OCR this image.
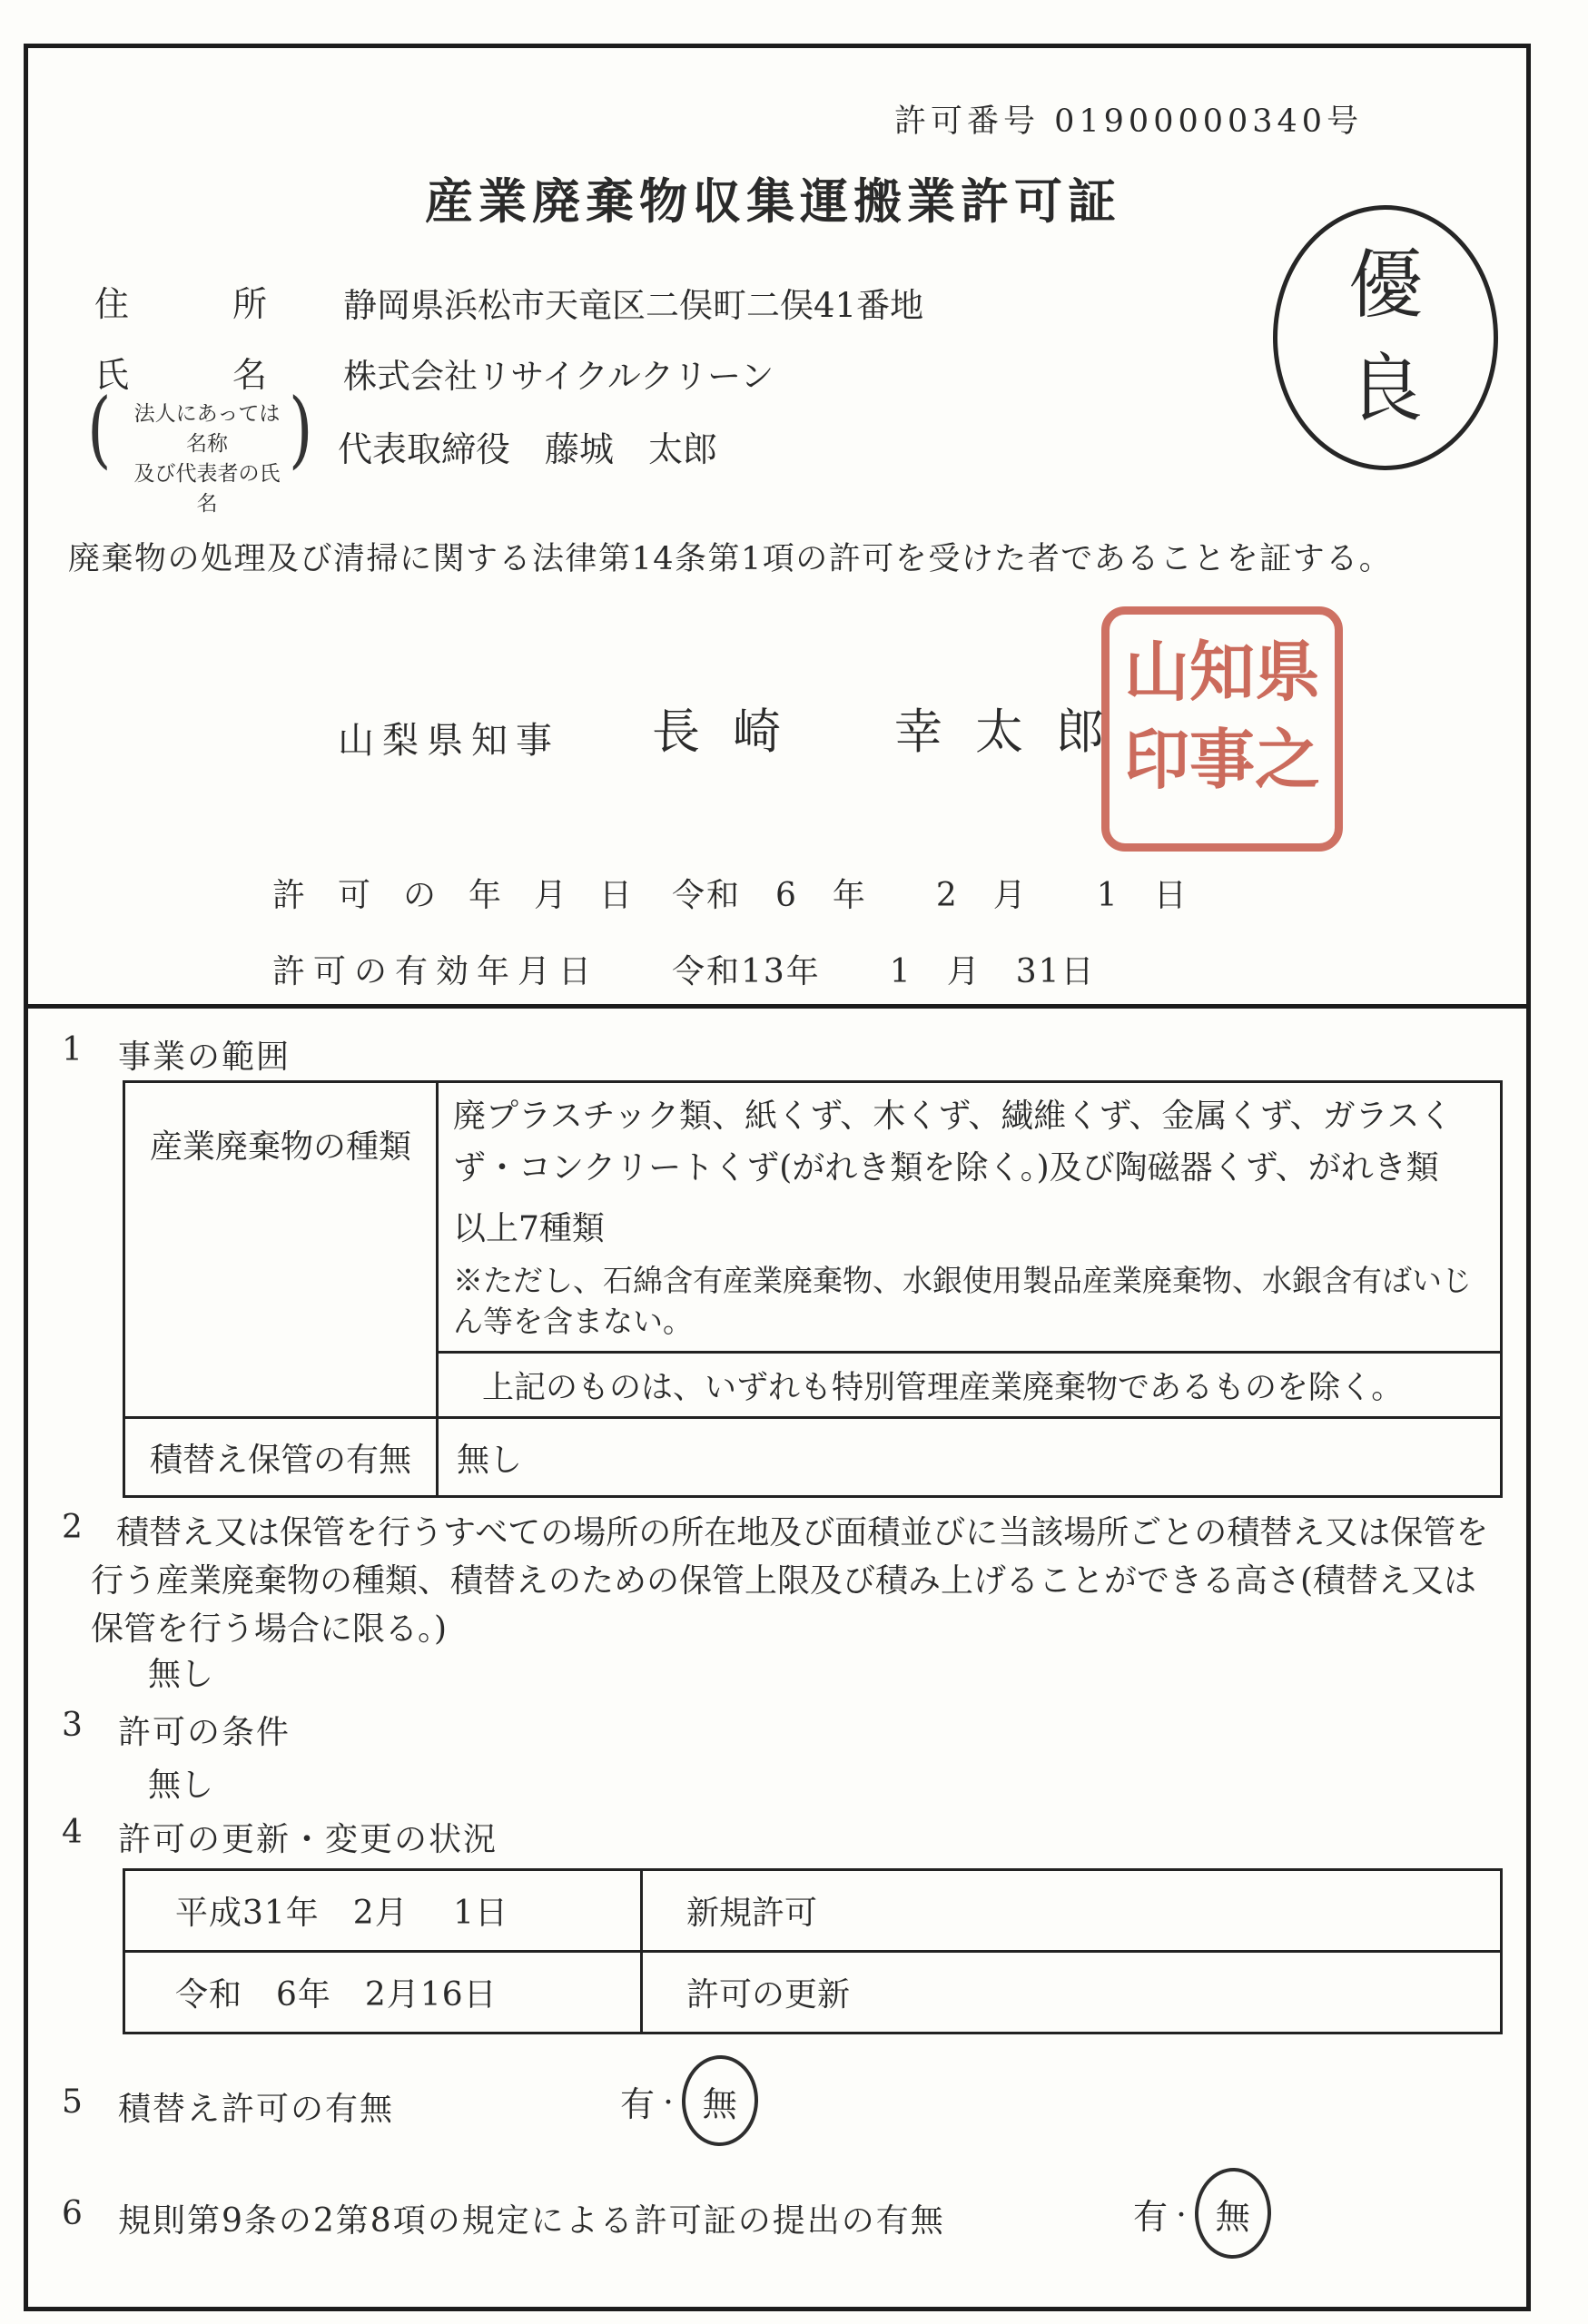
許可番号 01900000340号
産業廃棄物収集運搬業許可証
優
良
住　　　所 静岡県浜松市天竜区二俣町二俣41番地
氏　　　名 株式会社リサイクルクリーン
(	法人にあっては名称
及び代表者の氏名
) 代表取締役　藤城　太郎
廃棄物の処理及び清掃に関する法律第14条第1項の許可を受けた者であることを証する。
山梨県知事 長崎　幸太郎
県之
知事
山印
許　可　の　年　月　日 令和　6　年　　2　月　　1　日
許可の有効年月日 令和13年　　1　月　31日
1 事業の範囲
産業廃棄物の種類	廃プラスチック類、紙くず、木くず、繊維くず、金属くず、ガラスくず・コンクリートくず(がれき類を除く。)及び陶磁器くず、がれき類
以上7種類
※ただし、石綿含有産業廃棄物、水銀使用製品産業廃棄物、水銀含有ばいじん等を含まない。

	上記のものは、いずれも特別管理産業廃棄物であるものを除く。
積替え保管の有無	無し
2	積替え又は保管を行うすべての場所の所在地及び面積並びに当該場所ごとの積替え又は保管を行う産業廃棄物の種類、積替えのための保管上限及び積み上げることができる高さ(積替え又は保管を行う場合に限る。)
無し
3 許可の条件
無し
4 許可の更新・変更の状況
平成31年　2月　 1日	新規許可
令和　6年　2月16日	許可の更新
5 積替え許可の有無	有 ・ 無
6 規則第9条の2第8項の規定による許可証の提出の有無	有 ・ 無
